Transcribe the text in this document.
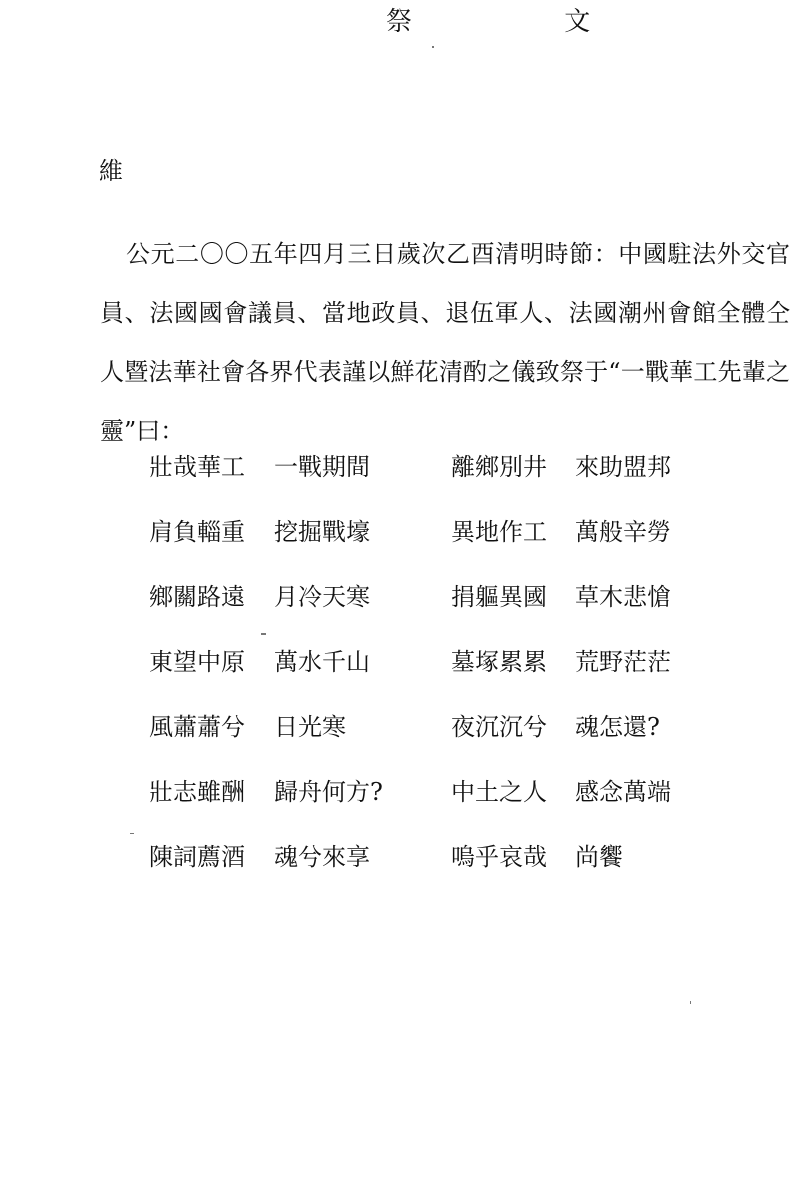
祭 文
維

公元二〇〇五年四月三日歲次乙酉清明時節：中國駐法外交官員、法國國會議員、當地政員、退伍軍人、法國潮州會館全體仝人暨法華社會各界代表謹以鮮花清酌之儀致祭于“一戰華工先輩之靈”曰：

壯哉華工 一戰期間	離鄉別井 來助盟邦
肩負輜重 挖掘戰壕	異地作工 萬般辛勞
鄉關路遠 月冷天寒	捐軀異國 草木悲愴
東望中原 萬水千山	墓塚累累 荒野茫茫
風蕭蕭兮 日光寒	夜沉沉兮 魂怎還?
壯志雖酬 歸舟何方?	中土之人 感念萬端
陳詞薦酒 魂兮來享	嗚乎哀哉 尚饗
